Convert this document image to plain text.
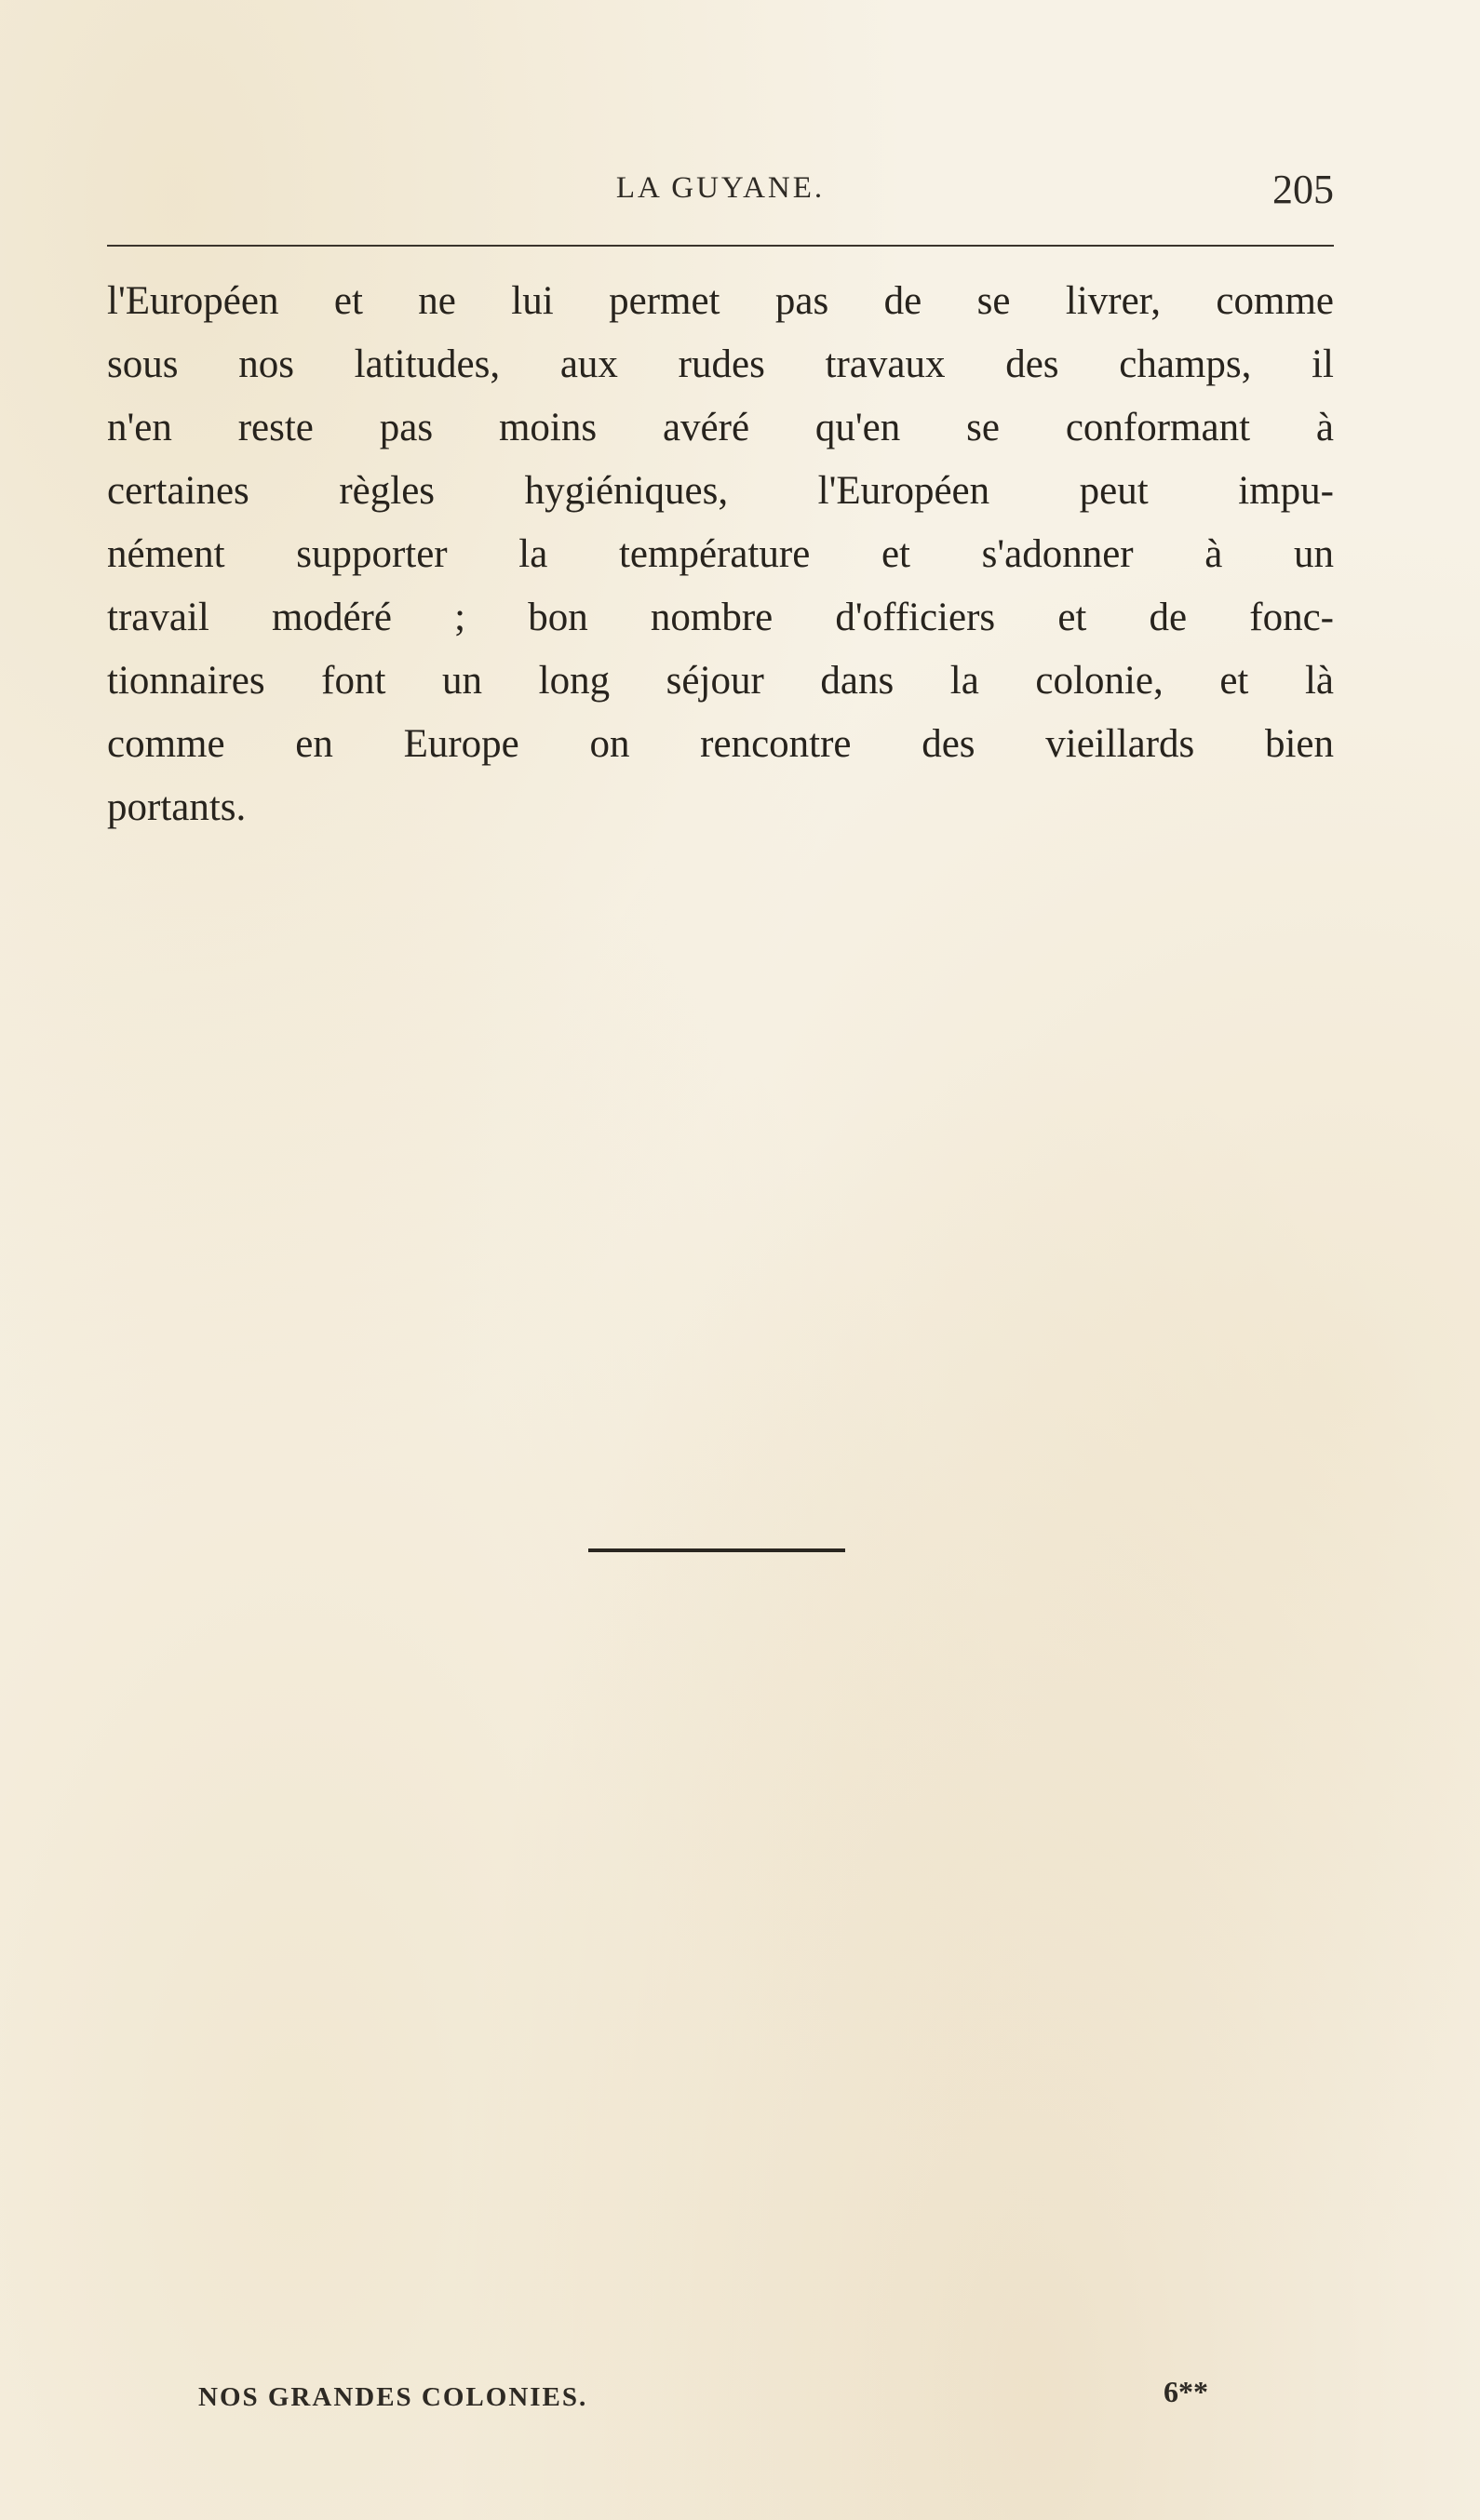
LA GUYANE.	205
l'Européen et ne lui permet pas de se livrer, comme
sous nos latitudes, aux rudes travaux des champs, il
n'en reste pas moins avéré qu'en se conformant à
certaines règles hygiéniques, l'Européen peut impu-
nément supporter la température et s'adonner à un
travail modéré ; bon nombre d'officiers et de fonc-
tionnaires font un long séjour dans la colonie, et là
comme en Europe on rencontre des vieillards bien
portants.
NOS GRANDES COLONIES.	6**
